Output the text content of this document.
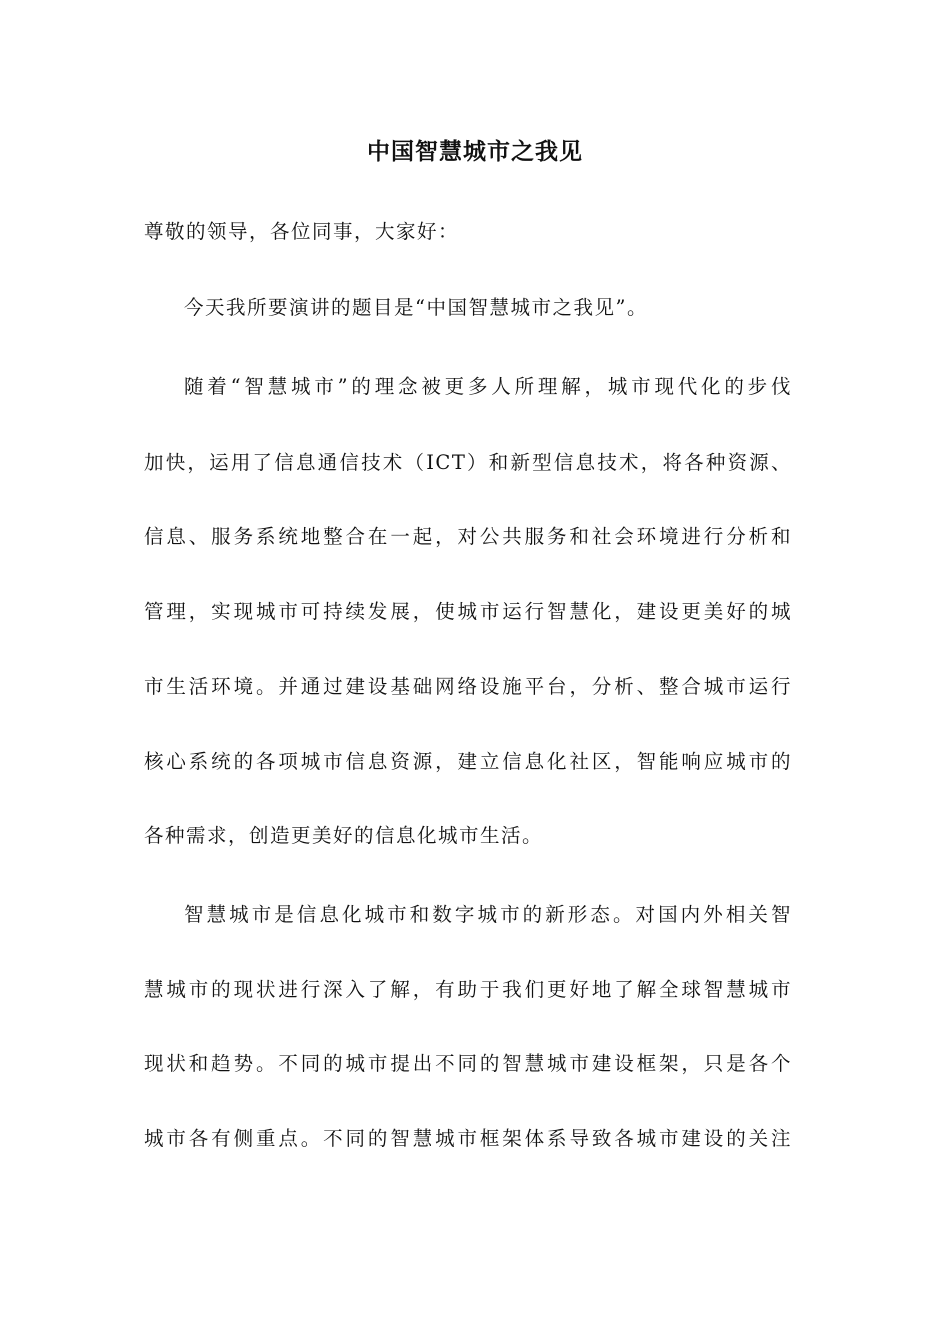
中国智慧城市之我见
尊敬的领导，各位同事，大家好：
今天我所要演讲的题目是“中国智慧城市之我见”。
随着“智慧城市”的理念被更多人所理解，城市现代化的步伐
加快，运用了信息通信技术（ICT）和新型信息技术，将各种资源、
信息、服务系统地整合在一起，对公共服务和社会环境进行分析和
管理，实现城市可持续发展，使城市运行智慧化，建设更美好的城
市生活环境。并通过建设基础网络设施平台，分析、整合城市运行
核心系统的各项城市信息资源，建立信息化社区，智能响应城市的
各种需求，创造更美好的信息化城市生活。
智慧城市是信息化城市和数字城市的新形态。对国内外相关智
慧城市的现状进行深入了解，有助于我们更好地了解全球智慧城市
现状和趋势。不同的城市提出不同的智慧城市建设框架，只是各个
城市各有侧重点。不同的智慧城市框架体系导致各城市建设的关注
